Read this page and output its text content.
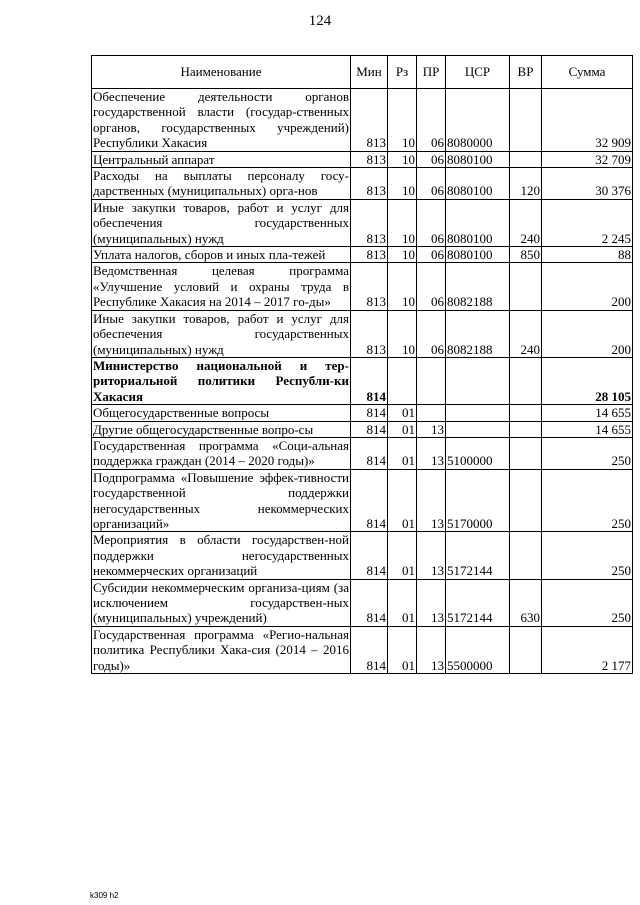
124
Наименование	Мин	Рз	ПР	ЦСР	ВР	Сумма
Обеспечение деятельности органов государственной власти (государ-ственных органов, государственных учреждений) Республики Хакасия	813	10	06	8080000		32 909
Центральный аппарат	813	10	06	8080100		32 709
Расходы на выплаты персоналу госу-дарственных (муниципальных) орга-нов	813	10	06	8080100	120	30 376
Иные закупки товаров, работ и услуг для обеспечения государственных (муниципальных) нужд	813	10	06	8080100	240	2 245
Уплата налогов, сборов и иных пла-тежей	813	10	06	8080100	850	88
Ведомственная целевая программа «Улучшение условий и охраны труда в Республике Хакасия на 2014 – 2017 го-ды»	813	10	06	8082188		200
Иные закупки товаров, работ и услуг для обеспечения государственных (муниципальных) нужд	813	10	06	8082188	240	200
Министерство национальной и тер-риториальной политики Республи-ки Хакасия	814					28 105
Общегосударственные вопросы	814	01				14 655
Другие общегосударственные вопро-сы	814	01	13			14 655
Государственная программа «Соци-альная поддержка граждан (2014 – 2020 годы)»	814	01	13	5100000		250
Подпрограмма «Повышение эффек-тивности государственной поддержки негосударственных некоммерческих организаций»	814	01	13	5170000		250
Мероприятия в области государствен-ной поддержки негосударственных некоммерческих организаций	814	01	13	5172144		250
Субсидии некоммерческим организа-циям (за исключением государствен-ных (муниципальных) учреждений)	814	01	13	5172144	630	250
Государственная программа «Регио-нальная политика Республики Хака-сия (2014 – 2016 годы)»	814	01	13	5500000		2 177
k309 h2
